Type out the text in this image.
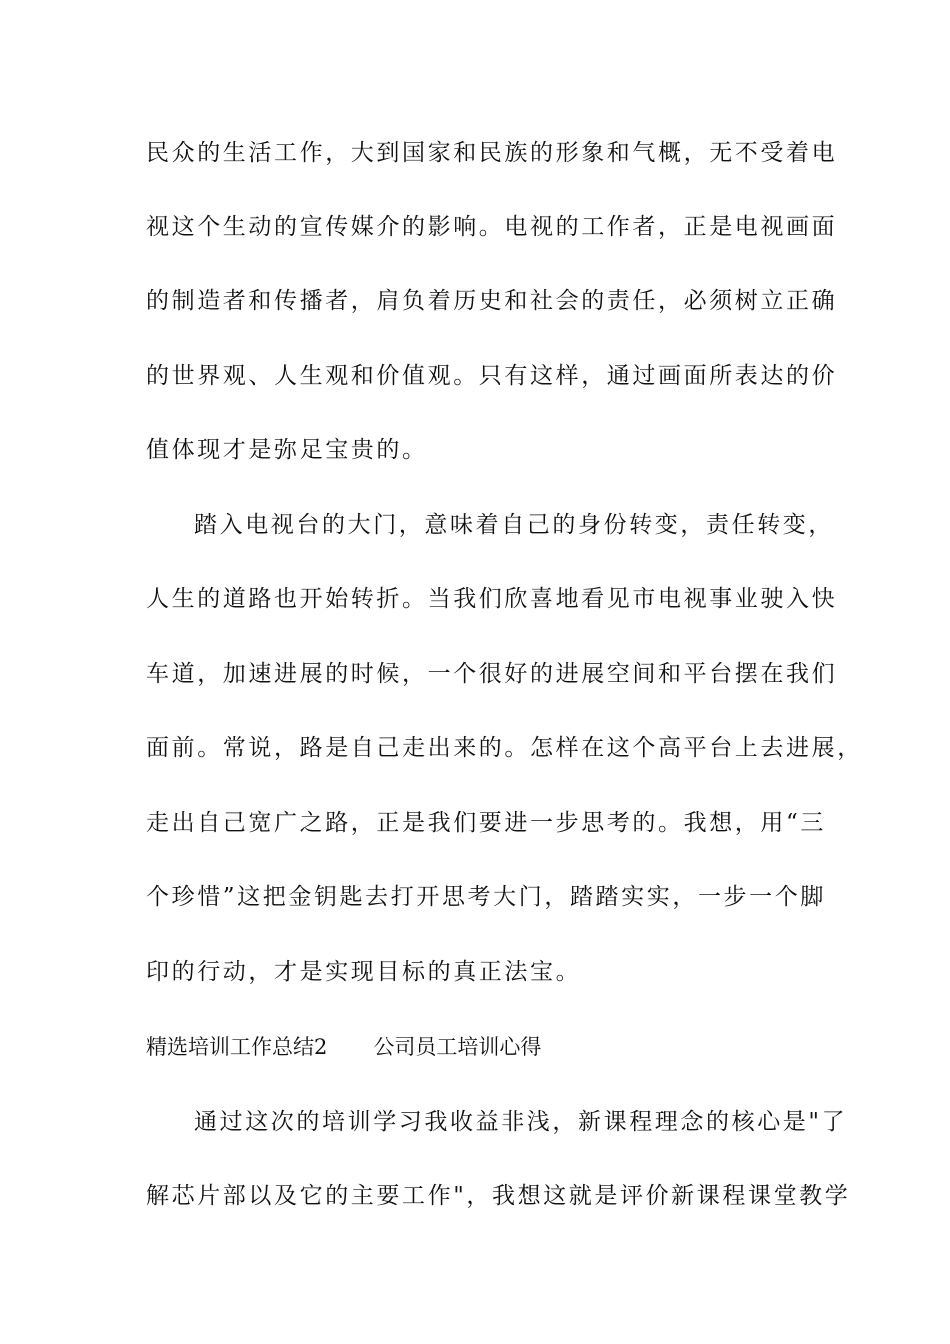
民众的生活工作，大到国家和民族的形象和气概，无不受着电
视这个生动的宣传媒介的影响。电视的工作者，正是电视画面
的制造者和传播者，肩负着历史和社会的责任，必须树立正确
的世界观、人生观和价值观。只有这样，通过画面所表达的价
值体现才是弥足宝贵的。
踏入电视台的大门，意味着自己的身份转变，责任转变，
人生的道路也开始转折。当我们欣喜地看见市电视事业驶入快
车道，加速进展的时候，一个很好的进展空间和平台摆在我们
面前。常说，路是自己走出来的。怎样在这个高平台上去进展，
走出自己宽广之路，正是我们要进一步思考的。我想，用“三
个珍惜”这把金钥匙去打开思考大门，踏踏实实，一步一个脚
印的行动，才是实现目标的真正法宝。
精选培训工作总结2 公司员工培训心得
通过这次的培训学习我收益非浅，新课程理念的核心是"了
解芯片部以及它的主要工作"，我想这就是评价新课程课堂教学
